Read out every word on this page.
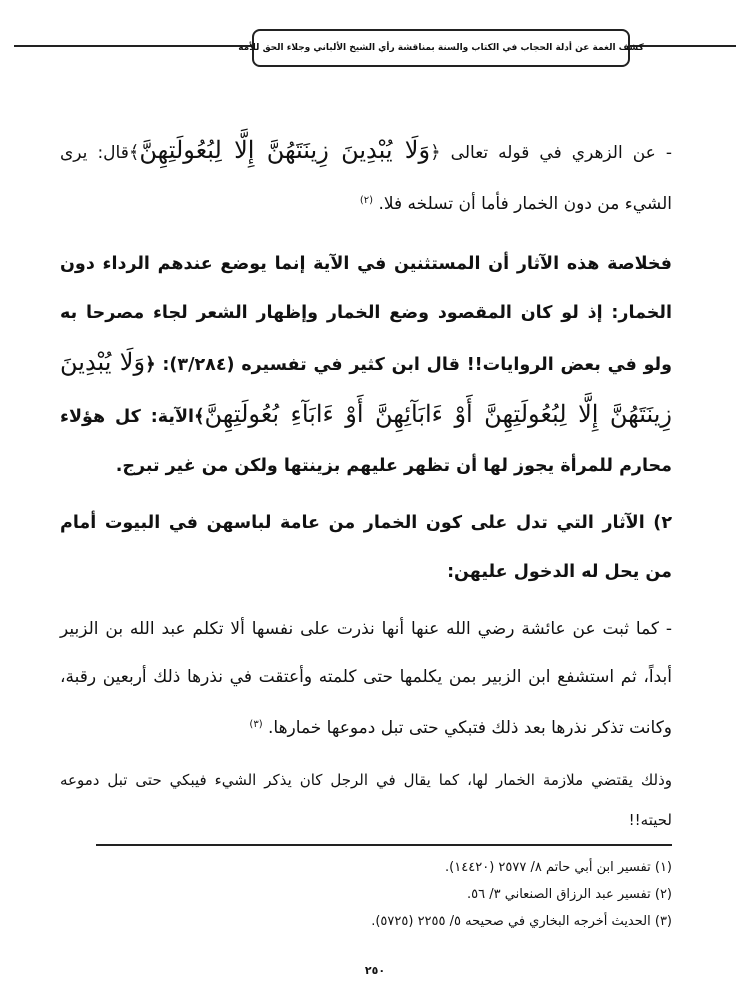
كشف الغمة عن أدلة الحجاب في الكتاب والسنة بمناقشة رأي الشيخ الألباني وجلاء الحق للأمة

- عن الزهري في قوله تعالى ﴿وَلَا يُبْدِينَ زِينَتَهُنَّ إِلَّا لِبُعُولَتِهِنَّ﴾قال: يرى الشيء من دون الخمار فأما أن تسلخه فلا. $^{(٢)}$

فخلاصة هذه الآثار أن المستثنين في الآية إنما يوضع عندهم الرداء دون الخمار: إذ لو كان المقصود وضع الخمار وإظهار الشعر لجاء مصرحا به ولو في بعض الروايات!! قال ابن كثير في تفسيره (٣/٢٨٤): ﴿وَلَا يُبْدِينَ زِينَتَهُنَّ إِلَّا لِبُعُولَتِهِنَّ أَوْ ءَابَآئِهِنَّ أَوْ ءَابَآءِ بُعُولَتِهِنَّ﴾الآية: كل هؤلاء محارم للمرأة يجوز لها أن تظهر عليهم بزينتها ولكن من غير تبرج.

٢) الآثار التي تدل على كون الخمار من عامة لباسهن في البيوت أمام من يحل له الدخول عليهن:

- كما ثبت عن عائشة رضي الله عنها أنها نذرت على نفسها ألا تكلم عبد الله بن الزبير أبداً، ثم استشفع ابن الزبير بمن يكلمها حتى كلمته وأعتقت في نذرها ذلك أربعين رقبة، وكانت تذكر نذرها بعد ذلك فتبكي حتى تبل دموعها خمارها. $^{(٣)}$

وذلك يقتضي ملازمة الخمار لها، كما يقال في الرجل كان يذكر الشيء فيبكي حتى تبل دموعه لحيته!!

(١) تفسير ابن أبي حاتم ٨/ ٢٥٧٧ (١٤٤٢٠).

(٢) تفسير عبد الرزاق الصنعاني ٣/ ٥٦.

(٣) الحديث أخرجه البخاري في صحيحه ٥/ ٢٢٥٥ (٥٧٢٥).

٢٥٠
